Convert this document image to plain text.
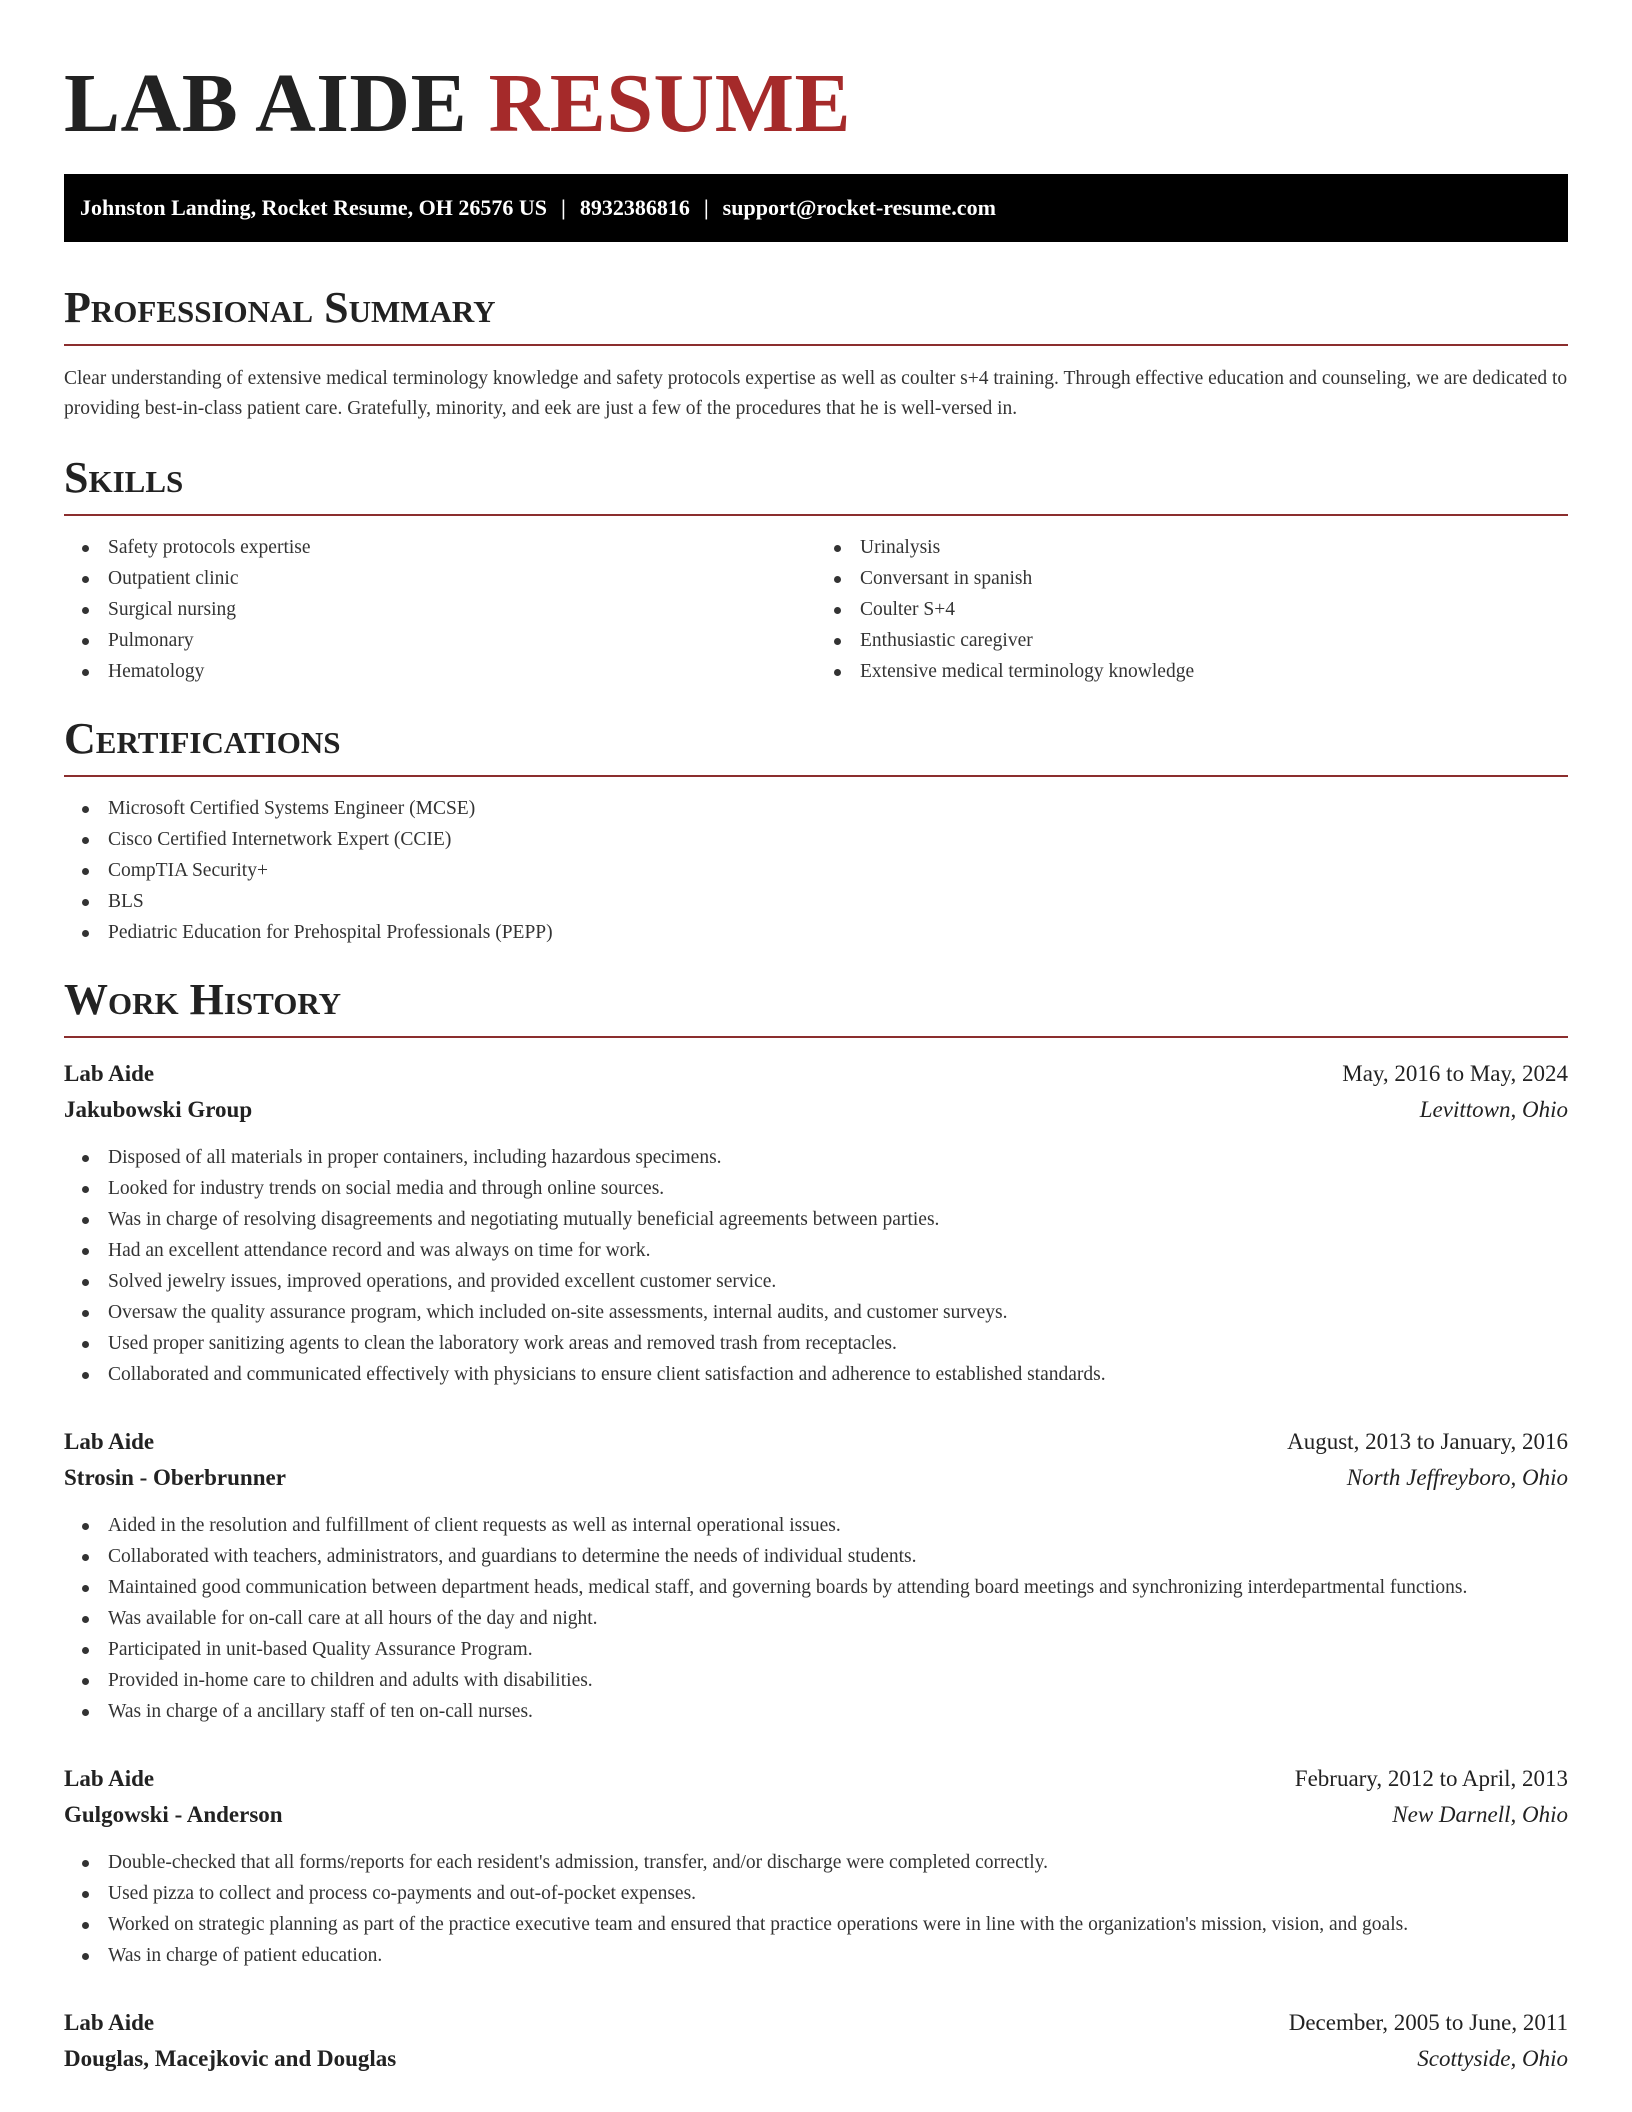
LAB AIDE RESUME
Johnston Landing, Rocket Resume, OH 26576 US | 8932386816 | support@rocket-resume.com
Professional Summary

Clear understanding of extensive medical terminology knowledge and safety protocols expertise as well as coulter s+4 training. Through effective education and counseling, we are dedicated to providing best-in-class patient care. Gratefully, minority, and eek are just a few of the procedures that he is well-versed in.

Skills
Safety protocols expertise
Outpatient clinic
Surgical nursing
Pulmonary
Hematology
Urinalysis
Conversant in spanish
Coulter S+4
Enthusiastic caregiver
Extensive medical terminology knowledge
Certifications
Microsoft Certified Systems Engineer (MCSE)
Cisco Certified Internetwork Expert (CCIE)
CompTIA Security+
BLS
Pediatric Education for Prehospital Professionals (PEPP)
Work History
Lab Aide	May, 2016 to May, 2024
Jakubowski Group	Levittown, Ohio
Disposed of all materials in proper containers, including hazardous specimens.
Looked for industry trends on social media and through online sources.
Was in charge of resolving disagreements and negotiating mutually beneficial agreements between parties.
Had an excellent attendance record and was always on time for work.
Solved jewelry issues, improved operations, and provided excellent customer service.
Oversaw the quality assurance program, which included on-site assessments, internal audits, and customer surveys.
Used proper sanitizing agents to clean the laboratory work areas and removed trash from receptacles.
Collaborated and communicated effectively with physicians to ensure client satisfaction and adherence to established standards.
Lab Aide	August, 2013 to January, 2016
Strosin - Oberbrunner	North Jeffreyboro, Ohio
Aided in the resolution and fulfillment of client requests as well as internal operational issues.
Collaborated with teachers, administrators, and guardians to determine the needs of individual students.
Maintained good communication between department heads, medical staff, and governing boards by attending board meetings and synchronizing interdepartmental functions.
Was available for on-call care at all hours of the day and night.
Participated in unit-based Quality Assurance Program.
Provided in-home care to children and adults with disabilities.
Was in charge of a ancillary staff of ten on-call nurses.
Lab Aide	February, 2012 to April, 2013
Gulgowski - Anderson	New Darnell, Ohio
Double-checked that all forms/reports for each resident's admission, transfer, and/or discharge were completed correctly.
Used pizza to collect and process co-payments and out-of-pocket expenses.
Worked on strategic planning as part of the practice executive team and ensured that practice operations were in line with the organization's mission, vision, and goals.
Was in charge of patient education.
Lab Aide	December, 2005 to June, 2011
Douglas, Macejkovic and Douglas	Scottyside, Ohio
